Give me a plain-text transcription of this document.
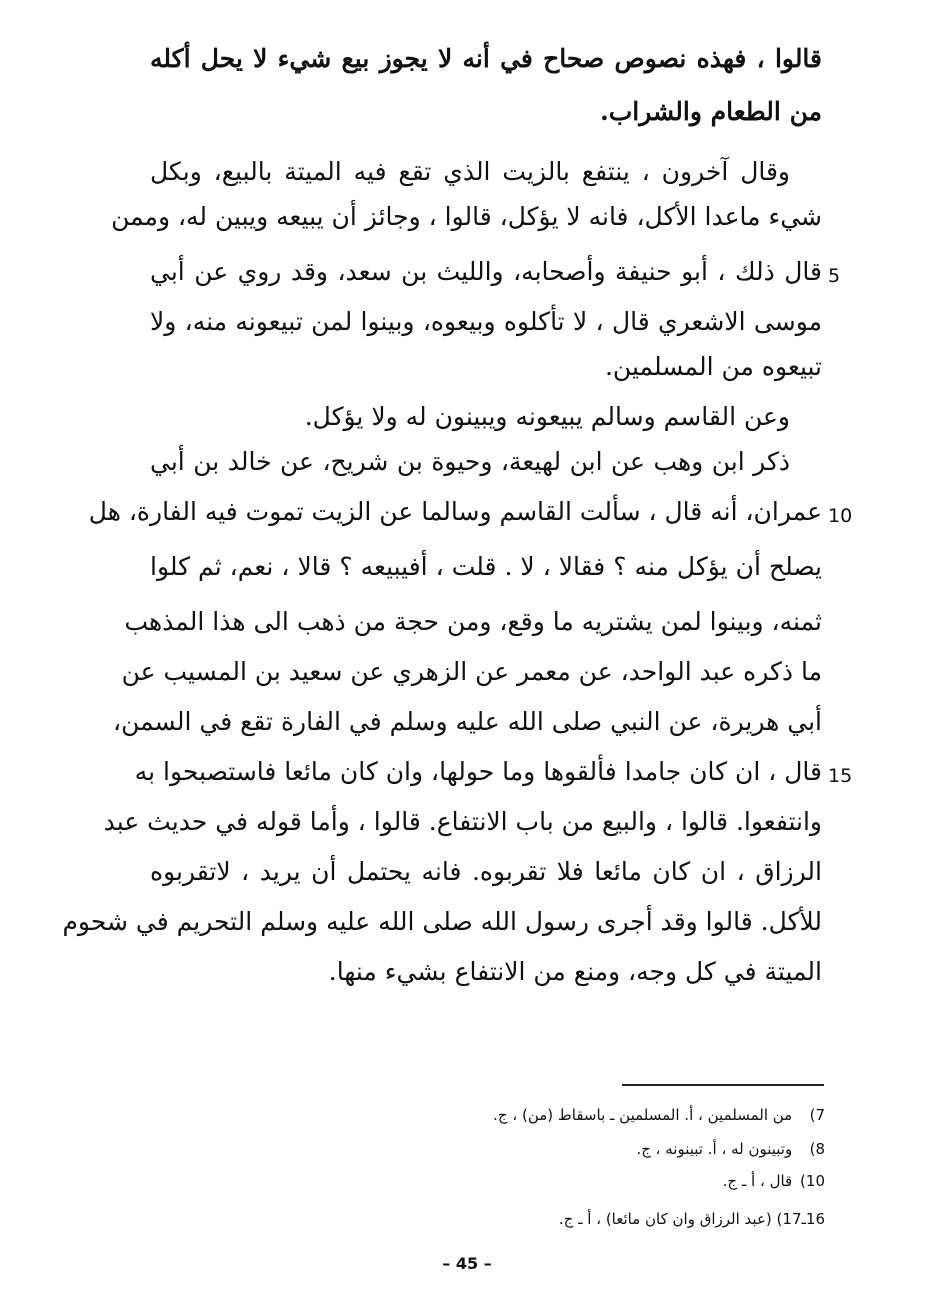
قالوا ، فهذه نصوص صحاح في أنه لا يجوز بيع شيء لا يحل أكله
من الطعام والشراب.
وقال آخرون ، ينتفع بالزيت الذي تقع فيه الميتة بالبيع، وبكل
شيء ماعدا الأكل، فانه لا يؤكل، قالوا ، وجائز أن يبيعه ويبين له، وممن
قال ذلك ، أبو حنيفة وأصحابه، والليث بن سعد، وقد روي عن أبي
موسى الاشعري قال ، لا تأكلوه وبيعوه، وبينوا لمن تبيعونه منه، ولا
تبيعوه من المسلمين.
وعن القاسم وسالم يبيعونه ويبينون له ولا يؤكل.
ذكر ابن وهب عن ابن لهيعة، وحيوة بن شريح، عن خالد بن أبي
عمران، أنه قال ، سألت القاسم وسالما عن الزيت تموت فيه الفارة، هل
يصلح أن يؤكل منه ؟ فقالا ، لا . قلت ، أفيبيعه ؟ قالا ، نعم، ثم كلوا
ثمنه، وبينوا لمن يشتريه ما وقع، ومن حجة من ذهب الى هذا المذهب
ما ذكره عبد الواحد، عن معمر عن الزهري عن سعيد بن المسيب عن
أبي هريرة، عن النبي صلى الله عليه وسلم في الفارة تقع في السمن،
قال ، ان كان جامدا فألقوها وما حولها، وان كان مائعا فاستصبحوا به
وانتفعوا. قالوا ، والبيع من باب الانتفاع. قالوا ، وأما قوله في حديث عبد
الرزاق ، ان كان مائعا فلا تقربوه. فانه يحتمل أن يريد ، لاتقربوه
للأكل. قالوا وقد أجرى رسول الله صلى الله عليه وسلم التحريم في شحوم
الميتة في كل وجه، ومنع من الانتفاع بشيء منها.
5
10
15
7) من المسلمين ، أ. المسلمين ـ باسقاط (من) ، ج.
8) وتبينون له ، أ. تبينونه ، ج.
10) قال ، أ ـ ج.
16ـ17) (عبد الرزاق وان كان مائعا) ، أ ـ ج.
– 45 –
